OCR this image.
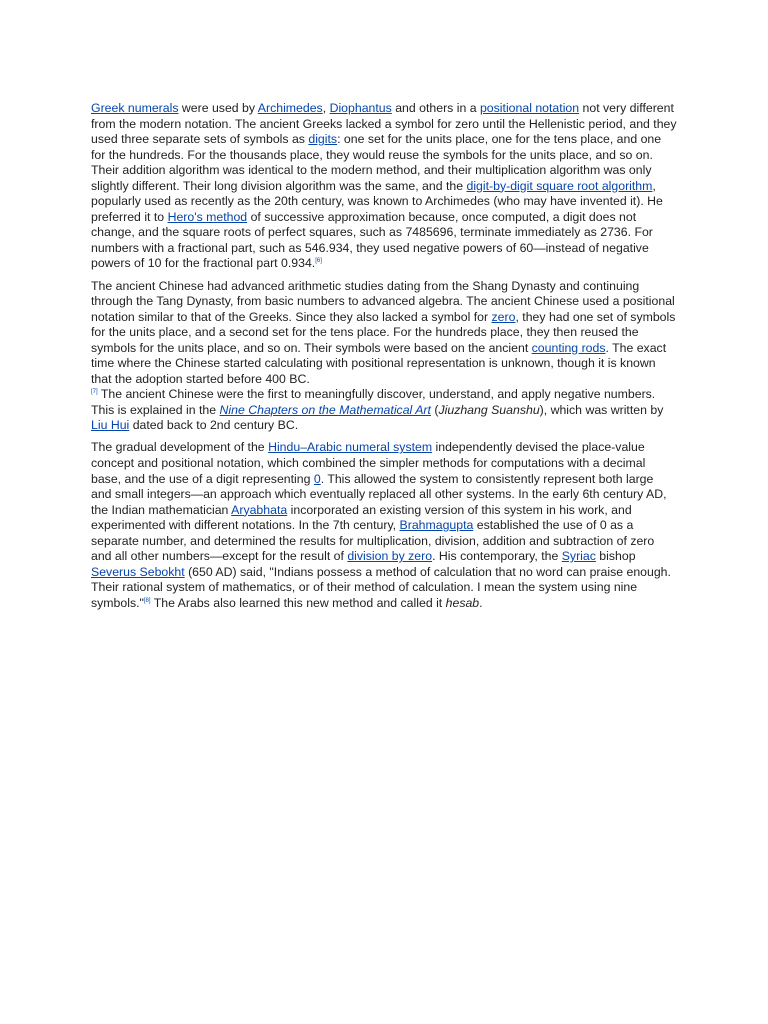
Greek numerals were used by Archimedes, Diophantus and others in a positional notation not very different from the modern notation. The ancient Greeks lacked a symbol for zero until the Hellenistic period, and they used three separate sets of symbols as digits: one set for the units place, one for the tens place, and one for the hundreds. For the thousands place, they would reuse the symbols for the units place, and so on. Their addition algorithm was identical to the modern method, and their multiplication algorithm was only slightly different. Their long division algorithm was the same, and the digit-by-digit square root algorithm, popularly used as recently as the 20th century, was known to Archimedes (who may have invented it). He preferred it to Hero's method of successive approximation because, once computed, a digit does not change, and the square roots of perfect squares, such as 7485696, terminate immediately as 2736. For numbers with a fractional part, such as 546.934, they used negative powers of 60—instead of negative powers of 10 for the fractional part 0.934.[6]

The ancient Chinese had advanced arithmetic studies dating from the Shang Dynasty and continuing through the Tang Dynasty, from basic numbers to advanced algebra. The ancient Chinese used a positional notation similar to that of the Greeks. Since they also lacked a symbol for zero, they had one set of symbols for the units place, and a second set for the tens place. For the hundreds place, they then reused the symbols for the units place, and so on. Their symbols were based on the ancient counting rods. The exact time where the Chinese started calculating with positional representation is unknown, though it is known that the adoption started before 400 BC.
[7] The ancient Chinese were the first to meaningfully discover, understand, and apply negative numbers. This is explained in the Nine Chapters on the Mathematical Art (Jiuzhang Suanshu), which was written by Liu Hui dated back to 2nd century BC.

The gradual development of the Hindu–Arabic numeral system independently devised the place-value concept and positional notation, which combined the simpler methods for computations with a decimal base, and the use of a digit representing 0. This allowed the system to consistently represent both large and small integers—an approach which eventually replaced all other systems. In the early 6th century AD, the Indian mathematician Aryabhata incorporated an existing version of this system in his work, and experimented with different notations. In the 7th century, Brahmagupta established the use of 0 as a separate number, and determined the results for multiplication, division, addition and subtraction of zero and all other numbers—except for the result of division by zero. His contemporary, the Syriac bishop Severus Sebokht (650 AD) said, "Indians possess a method of calculation that no word can praise enough. Their rational system of mathematics, or of their method of calculation. I mean the system using nine symbols."[8] The Arabs also learned this new method and called it hesab.
